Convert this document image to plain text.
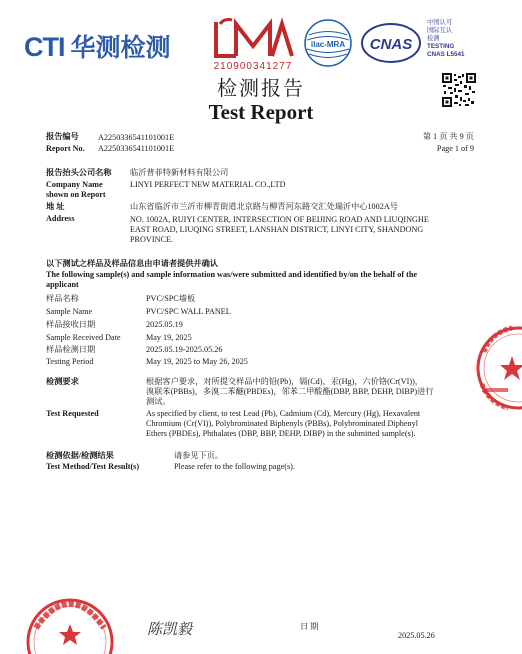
CTI 华测检测
210900341277
ilac-MRA CNAS
中国认可
国际互认
检测
TESTING
CNAS L5541
检测报告
Test Report
报告编号 A2250336541101001E
Report No. A2250336541101001E
第 1 页 共 9 页
Page 1 of 9
报告抬头公司名称 临沂普菲特新材料有限公司
Company Name
shown on Report
LINYI PERFECT NEW MATERIAL CO.,LTD
地 址	山东省临沂市兰沂市柳青街道北京路与柳青河东路交汇处瑞沂中心1002A号
Address	NO. 1002A, RUIYI CENTER, INTERSECTION OF BEIJING ROAD AND LIUQINGHE
EAST ROAD, LIUQING STREET, LANSHAN DISTRICT, LINYI CITY, SHANDONG
PROVINCE.
以下测试之样品及样品信息由申请者提供并确认
The following sample(s) and sample information was/were submitted and identified by/on the behalf of the
applicant
样品名称	PVC/SPC墙板
Sample Name	PVC/SPC WALL PANEL
样品接收日期	2025.05.19
Sample Received Date	May 19, 2025
样品检测日期	2025.05.19-2025.05.26
Testing Period	May 19, 2025 to May 26, 2025
检测要求	根据客户要求，对所提交样品中的铅(Pb)，镉(Cd)，汞(Hg)，六价铬(Cr(VI))，
溴联苯(PBBs)，多溴二苯醚(PBDEs)，邻苯二甲酸酯(DBP, BBP, DEHP, DIBP)进行
测试。
Test Requested	As specified by client, to test Lead (Pb), Cadmium (Cd), Mercury (Hg), Hexavalent
Chromium (Cr(VI)), Polybrominated Biphenyls (PBBs), Polybrominated Diphenyl
Ethers (PBDEs), Phthalates (DBP, BBP, DEHP, DIBP) in the submitted sample(s).
检测依据/检测结果	请参见下页。
Test Method/Test Result(s)	Please refer to the following page(s).
陈凯毅	日 期
2025.05.26
